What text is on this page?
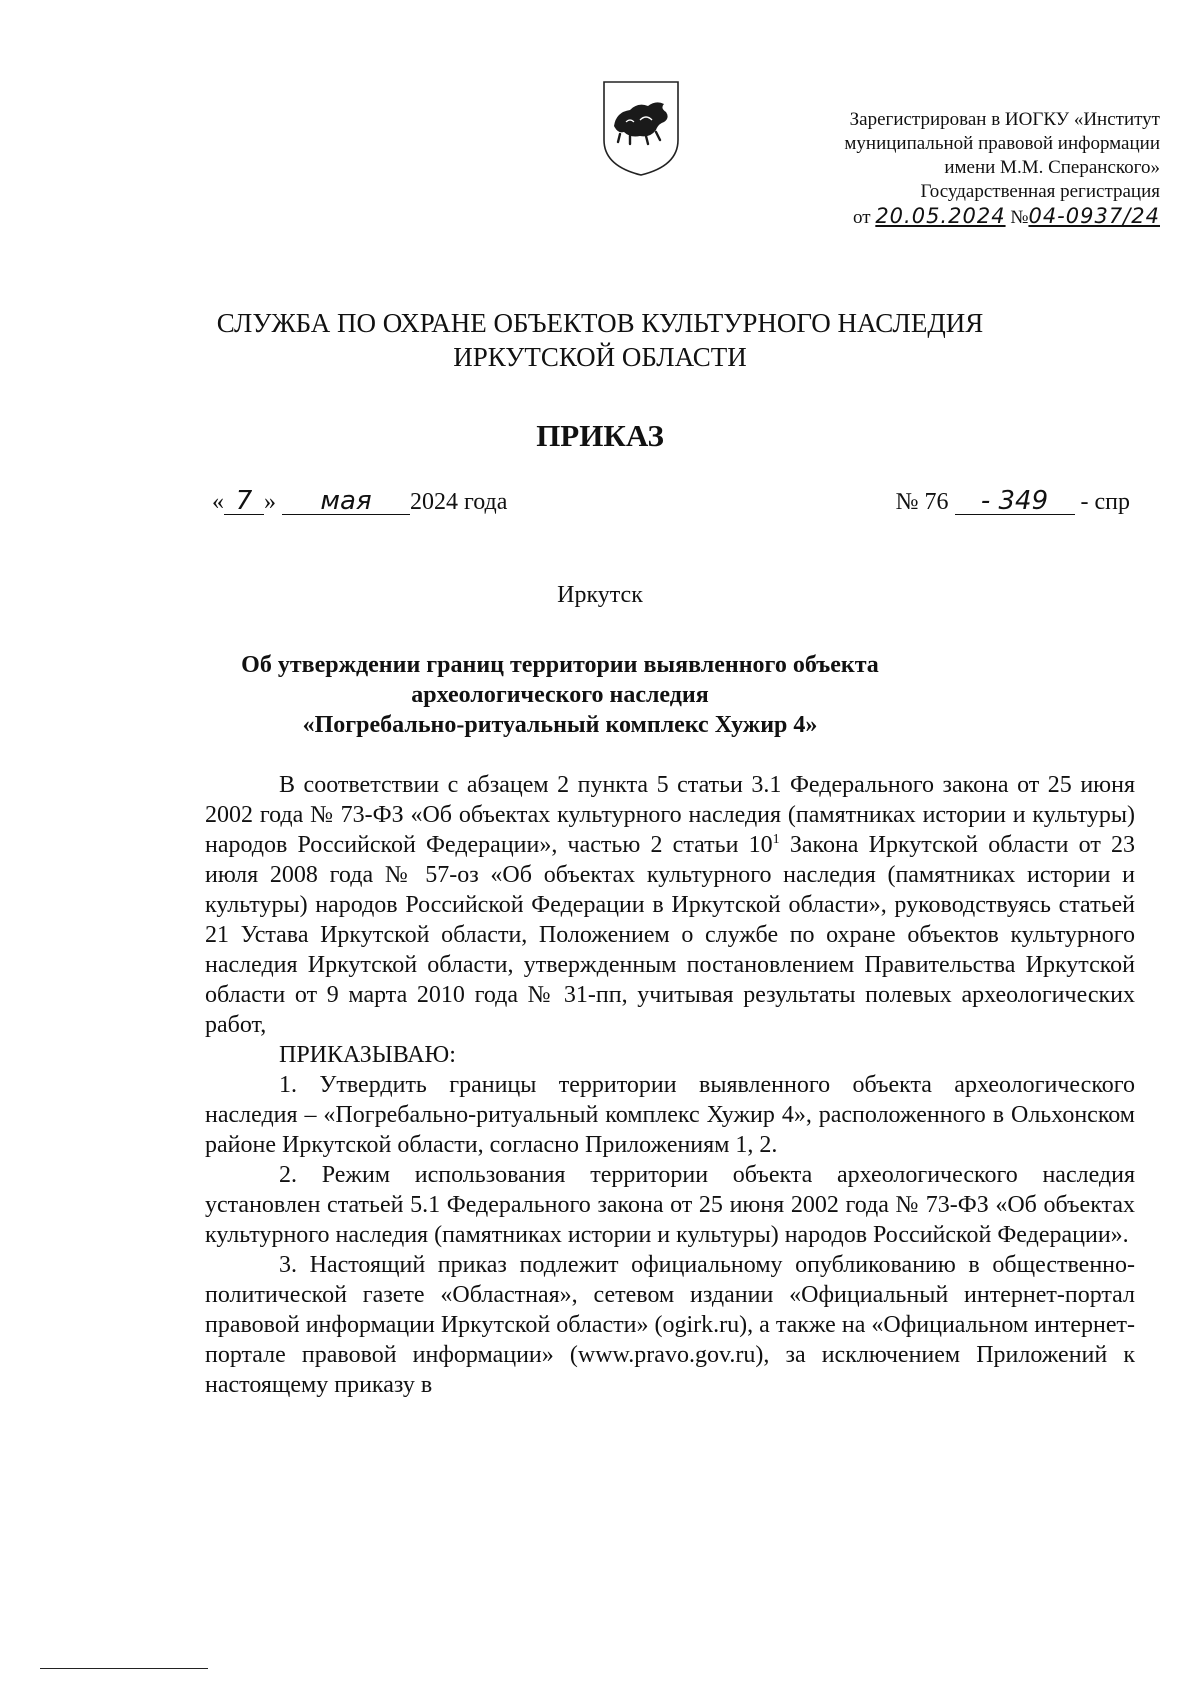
Зарегистрирован в ИОГКУ «Институт
муниципальной правовой информации
имени М.М. Сперанского»
Государственная регистрация
от 20.05.2024 №04-0937/24
СЛУЖБА ПО ОХРАНЕ ОБЪЕКТОВ КУЛЬТУРНОГО НАСЛЕДИЯ
ИРКУТСКОЙ ОБЛАСТИ
ПРИКАЗ
« 7 » мая 2024 года	№ 76 - 349 - спр
Иркутск
Об утверждении границ территории выявленного объекта
археологического наследия
«Погребально-ритуальный комплекс Хужир 4»

В соответствии с абзацем 2 пункта 5 статьи 3.1 Федерального закона от 25 июня 2002 года № 73-ФЗ «Об объектах культурного наследия (памятниках истории и культуры) народов Российской Федерации», частью 2 статьи $10^1$ Закона Иркутской области от 23 июля 2008 года № 57-оз «Об объектах культурного наследия (памятниках истории и культуры) народов Российской Федерации в Иркутской области», руководствуясь статьей 21 Устава Иркутской области, Положением о службе по охране объектов культурного наследия Иркутской области, утвержденным постановлением Правительства Иркутской области от 9 марта 2010 года № 31-пп, учитывая результаты полевых археологических работ,

ПРИКАЗЫВАЮ:

1. Утвердить границы территории выявленного объекта археологического наследия – «Погребально-ритуальный комплекс Хужир 4», расположенного в Ольхонском районе Иркутской области, согласно Приложениям 1, 2.

2. Режим использования территории объекта археологического наследия установлен статьей 5.1 Федерального закона от 25 июня 2002 года № 73-ФЗ «Об объектах культурного наследия (памятниках истории и культуры) народов Российской Федерации».

3. Настоящий приказ подлежит официальному опубликованию в общественно-политической газете «Областная», сетевом издании «Официальный интернет-портал правовой информации Иркутской области» (ogirk.ru), а также на «Официальном интернет-портале правовой информации» (www.pravo.gov.ru), за исключением Приложений к настоящему приказу в
